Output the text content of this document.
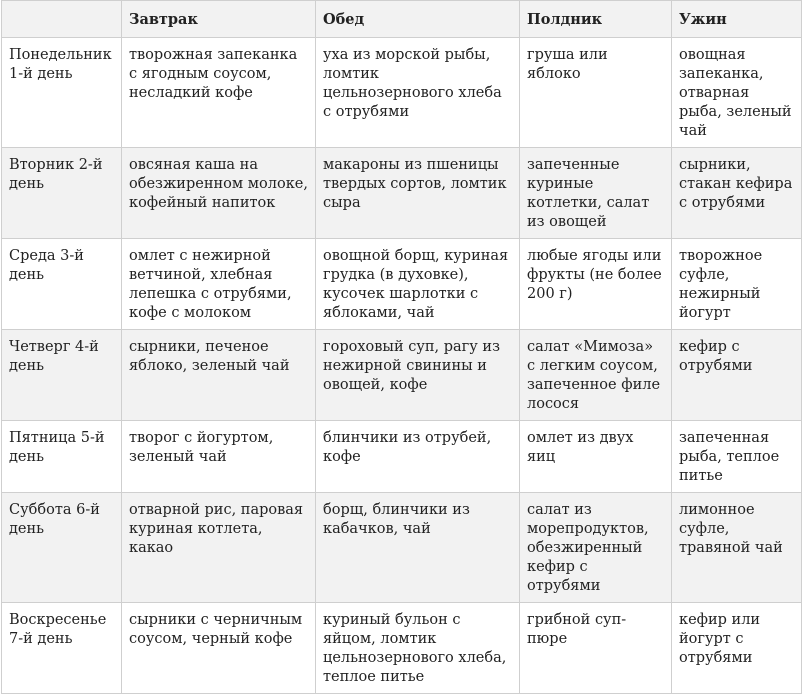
	Завтрак	Обед	Полдник	Ужин
Понедельник 1-й день	творожная запеканка с ягодным соусом, несладкий кофе	уха из морской рыбы, ломтик цельнозернового хлеба с отрубями	груша или яблоко	овощная запеканка, отварная рыба, зеленый чай
Вторник 2-й день	овсяная каша на обезжиренном молоке, кофейный напиток	макароны из пшеницы твердых сортов, ломтик сыра	запеченные куриные котлетки, салат из овощей	сырники, стакан кефира с отрубями
Среда 3-й день	омлет с нежирной ветчиной, хлебная лепешка с отрубями, кофе с молоком	овощной борщ, куриная грудка (в духовке), кусочек шарлотки с яблоками, чай	любые ягоды или фрукты (не более 200 г)	творожное суфле, нежирный йогурт
Четверг 4-й день	сырники, печеное яблоко, зеленый чай	гороховый суп, рагу из нежирной свинины и овощей, кофе	салат «Мимоза» с легким соусом, запеченное филе лосося	кефир с отрубями
Пятница 5-й день	творог с йогуртом, зеленый чай	блинчики из отрубей, кофе	омлет из двух яиц	запеченная рыба, теплое питье
Суббота 6-й день	отварной рис, паровая куриная котлета, какао	борщ, блинчики из кабачков, чай	салат из морепродуктов, обезжиренный кефир с отрубями	лимонное суфле, травяной чай
Воскресенье 7-й день	сырники с черничным соусом, черный кофе	куриный бульон с яйцом, ломтик цельнозернового хлеба, теплое питье	грибной суп-пюре	кефир или йогурт с отрубями
